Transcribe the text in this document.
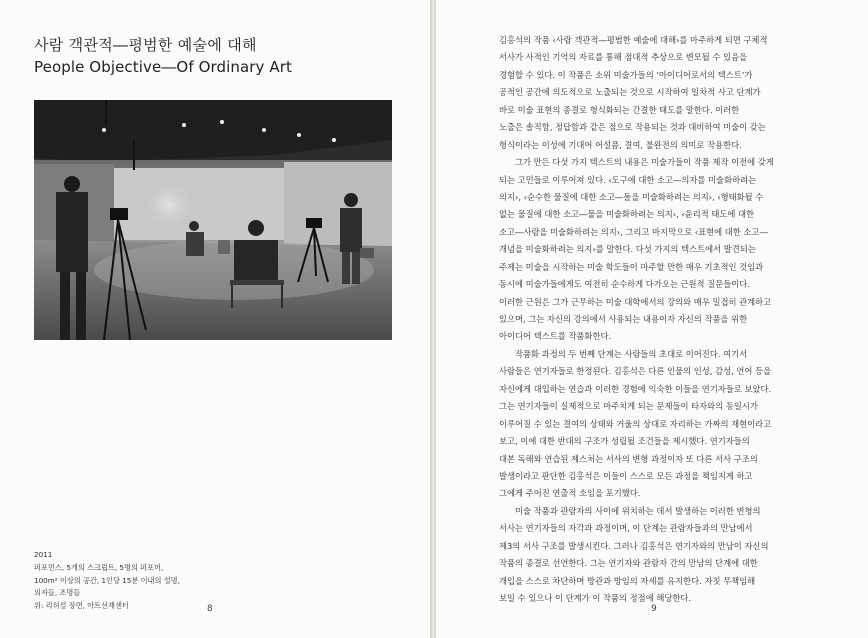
사람 객관적―평범한 예술에 대해
People Objective―Of Ordinary Art
2011
퍼포먼스, 5개의 스크립트, 5명의 퍼포머,
100m² 이상의 공간, 1인당 15분 이내의 설명,
의자들, 조명들
위: 리허설 장면, 아트선재센터	8	9
김홍석의 작품 ‹사람 객관적―평범한 예술에 대해›를 마주하게 되면 구체적
서사가 사적인 기억의 자료를 통해 점대적 추상으로 변모될 수 있음을
경험할 수 있다. 이 작품은 소위 미술가들의 ‘아이디어로서의 텍스트’가
공적인 공간에 의도적으로 노출되는 것으로 시작하여 일차적 사고 단계가
바로 미술 표현의 종결로 형식화되는 간결한 태도를 말한다. 이러한
노출은 솔직함, 정답함과 같은 점으로 작용되는 것과 대비하여 미술이 갖는
형식이라는 이성에 기대어 어설픔, 결여, 불완전의 의미로 작용한다.
그가 만든 다섯 가지 텍스트의 내용은 미술가들이 작품 제작 이전에 갖게
되는 고민들로 이루어져 있다. ‹도구에 대한 소고―의자를 미술화하려는
의지›, ‹순수한 물질에 대한 소고―돌을 미술화하려는 의지›, ‹형태화될 수
없는 물질에 대한 소고―물을 미술화하려는 의지›, ‹윤리적 태도에 대한
소고―사람을 미술화하려는 의지›, 그리고 마지막으로 ‹표현에 대한 소고―
개념을 미술화하려는 의지›를 말한다. 다섯 가지의 텍스트에서 발견되는
주제는 미술을 시작하는 미술 학도들이 마주할 만한 매우 기초적인 것임과
동시에 미술가들에게도 여전히 순수하게 다가오는 근원적 질문들이다.
이러한 근원은 그가 근무하는 미술 대학에서의 강의와 매우 밀접히 관계하고
있으며, 그는 자신의 강의에서 사용되는 내용이자 자신의 작품을 위한
아이디어 텍스트를 작품화한다.
작품화 과정의 두 번째 단계는 사람들의 초대로 이어진다. 여기서
사람들은 연기자들로 한정된다. 김홍석은 다른 인물의 인성, 감성, 언어 등을
자신에게 대입하는 연습과 이러한 경험에 익숙한 이들을 연기자들로 보았다.
그는 연기자들이 실제적으로 마주치게 되는 문제들이 타자와의 동일시가
이루어질 수 있는 결여의 상태와 거울의 상대로 자리하는 가짜의 재현이라고
보고, 이에 대한 반대의 구조가 성립될 조건들을 제시했다. 연기자들의
대본 독해와 연습된 제스처는 서사의 변형 과정이자 또 다른 서사 구조의
발생이라고 판단한 김홍석은 이들이 스스로 모든 과정을 책임지게 하고
그에게 주어진 연출적 소임을 포기했다.
미술 작품과 관람자의 사이에 위치하는 데서 발생하는 이러한 변형의
서사는 연기자들의 자각과 과정이며, 이 단계는 관람자들과의 만남에서
제3의 서사 구조를 발생시킨다. 그러나 김홍석은 연기자와의 만남이 자신의
작품의 종결로 선언한다. 그는 연기자와 관람자 간의 만남의 단계에 대한
개입을 스스로 차단하며 방관과 방임의 자세를 유지한다. 자칫 무책임해
보일 수 있으나 이 단계가 이 작품의 정점에 해당한다.
